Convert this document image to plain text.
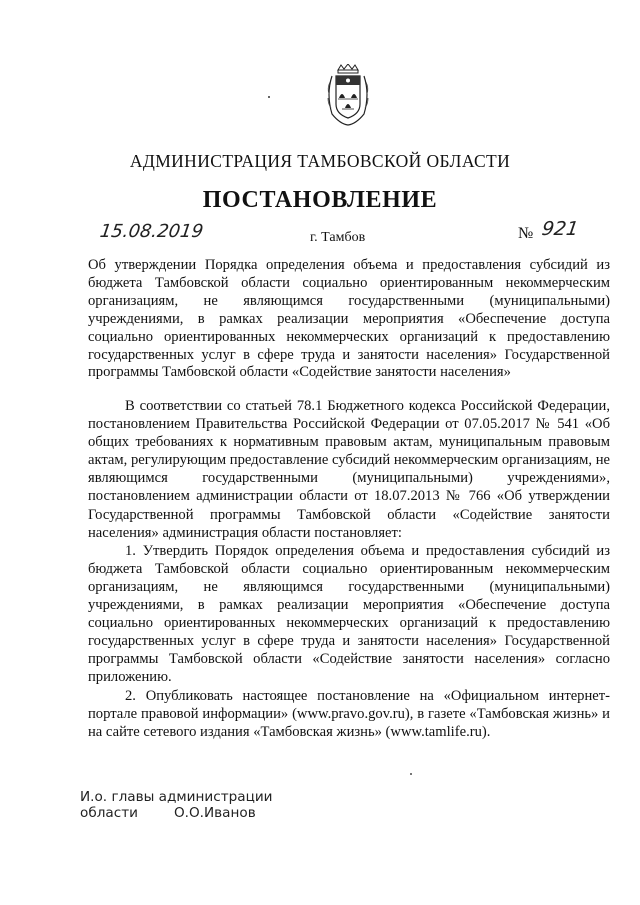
АДМИНИСТРАЦИЯ ТАМБОВСКОЙ ОБЛАСТИ
ПОСТАНОВЛЕНИЕ
15.08.2019	г. Тамбов	№ 921
Об утверждении Порядка определения объема и предоставления субсидий из бюджета Тамбовской области социально ориентированным некоммерческим организациям, не являющимся государственными (муниципальными) учреждениями, в рамках реализации мероприятия «Обеспечение доступа социально ориентированных некоммерческих организаций к предоставлению государственных услуг в сфере труда и занятости населения» Государственной программы Тамбовской области «Содействие занятости населения»

В соответствии со статьей 78.1 Бюджетного кодекса Российской Федерации, постановлением Правительства Российской Федерации от 07.05.2017 № 541 «Об общих требованиях к нормативным правовым актам, муниципальным правовым актам, регулирующим предоставление субсидий некоммерческим организациям, не являющимся государственными (муниципальными) учреждениями», постановлением администрации области от 18.07.2013 № 766 «Об утверждении Государственной программы Тамбовской области «Содействие занятости населения» администрация области постановляет:

1. Утвердить Порядок определения объема и предоставления субсидий из бюджета Тамбовской области социально ориентированным некоммерческим организациям, не являющимся государственными (муниципальными) учреждениями, в рамках реализации мероприятия «Обеспечение доступа социально ориентированных некоммерческих организаций к предоставлению государственных услуг в сфере труда и занятости населения» Государственной программы Тамбовской области «Содействие занятости населения» согласно приложению.

2. Опубликовать настоящее постановление на «Официальном интернет-портале правовой информации» (www.pravo.gov.ru), в газете «Тамбовская жизнь» и на сайте сетевого издания «Тамбовская жизнь» (www.tamlife.ru).

И.о. главы администрации
области	О.О.Иванов
